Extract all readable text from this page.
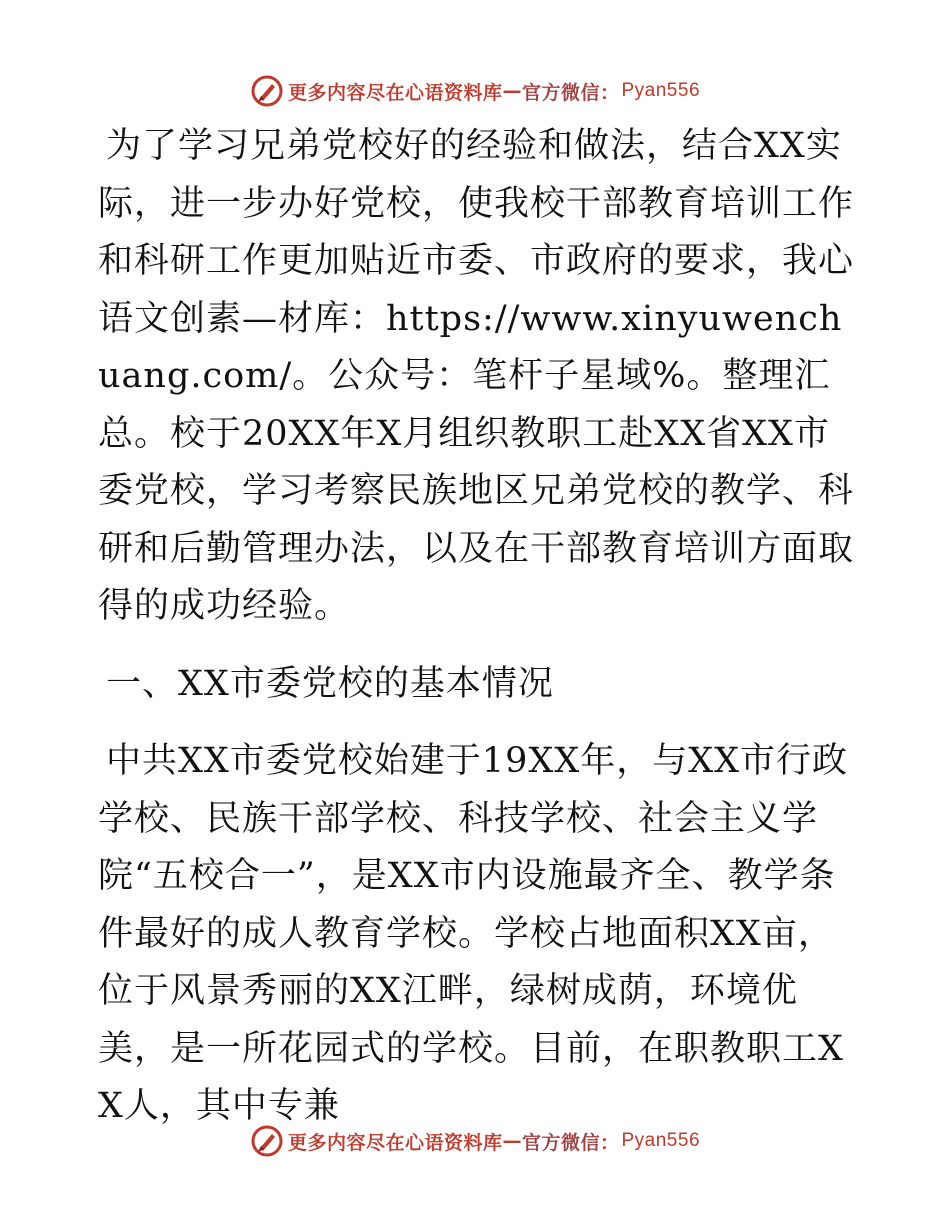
更多内容尽在心语资料库 — 官方微信： Pyan556

为了学习兄弟党校好的经验和做法，结合XX实际，进一步办好党校，使我校干部教育培训工作和科研工作更加贴近市委、市政府的要求，我心语文创素—材库：https://www.xinyuwenchuang.com/。公众号：笔杆子星域%。整理汇总。校于20XX年X月组织教职工赴XX省XX市委党校，学习考察民族地区兄弟党校的教学、科研和后勤管理办法，以及在干部教育培训方面取得的成功经验。

一、XX市委党校的基本情况

中共XX市委党校始建于19XX年，与XX市行政学校、民族干部学校、科技学校、社会主义学院“五校合一”，是XX市内设施最齐全、教学条件最好的成人教育学校。学校占地面积XX亩，位于风景秀丽的XX江畔，绿树成荫，环境优美，是一所花园式的学校。目前，在职教职工XX人，其中专兼

更多内容尽在心语资料库 — 官方微信： Pyan556
